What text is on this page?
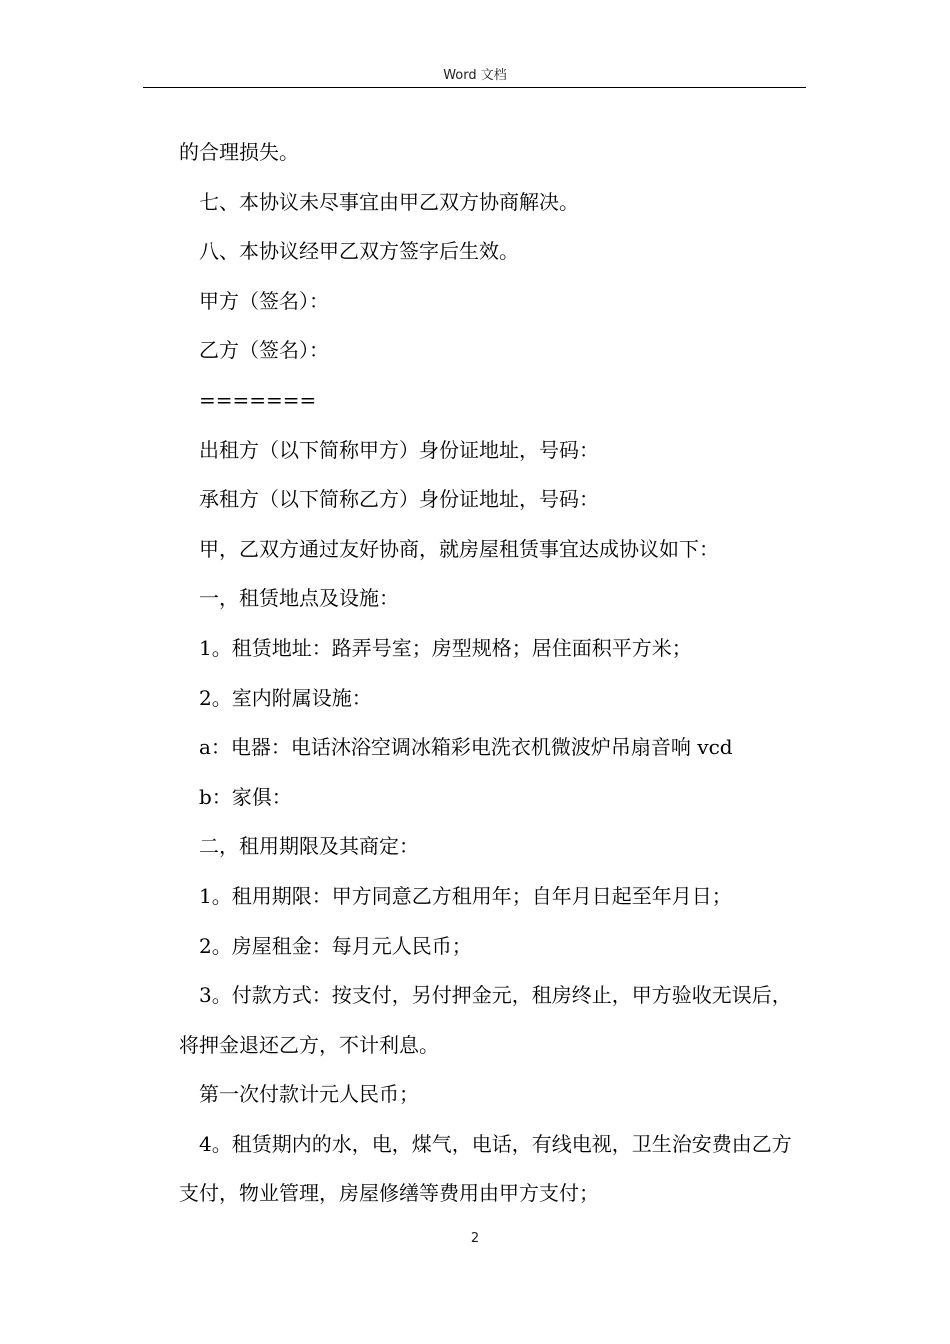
Word 文档

的合理损失。

七、本协议未尽事宜由甲乙双方协商解决。

八、本协议经甲乙双方签字后生效。

甲方（签名）：

乙方（签名）：

=======

出租方（以下简称甲方）身份证地址，号码：

承租方（以下简称乙方）身份证地址，号码：

甲，乙双方通过友好协商，就房屋租赁事宜达成协议如下：

一，租赁地点及设施：

1。租赁地址：路弄号室；房型规格；居住面积平方米；

2。室内附属设施：

a：电器：电话沐浴空调冰箱彩电洗衣机微波炉吊扇音响 vcd

b：家俱：

二，租用期限及其商定：

1。租用期限：甲方同意乙方租用年；自年月日起至年月日；

2。房屋租金：每月元人民币；

3。付款方式：按支付，另付押金元，租房终止，甲方验收无误后，将押金退还乙方，不计利息。

第一次付款计元人民币；

4。租赁期内的水，电，煤气，电话，有线电视，卫生治安费由乙方支付，物业管理，房屋修缮等费用由甲方支付；

2
